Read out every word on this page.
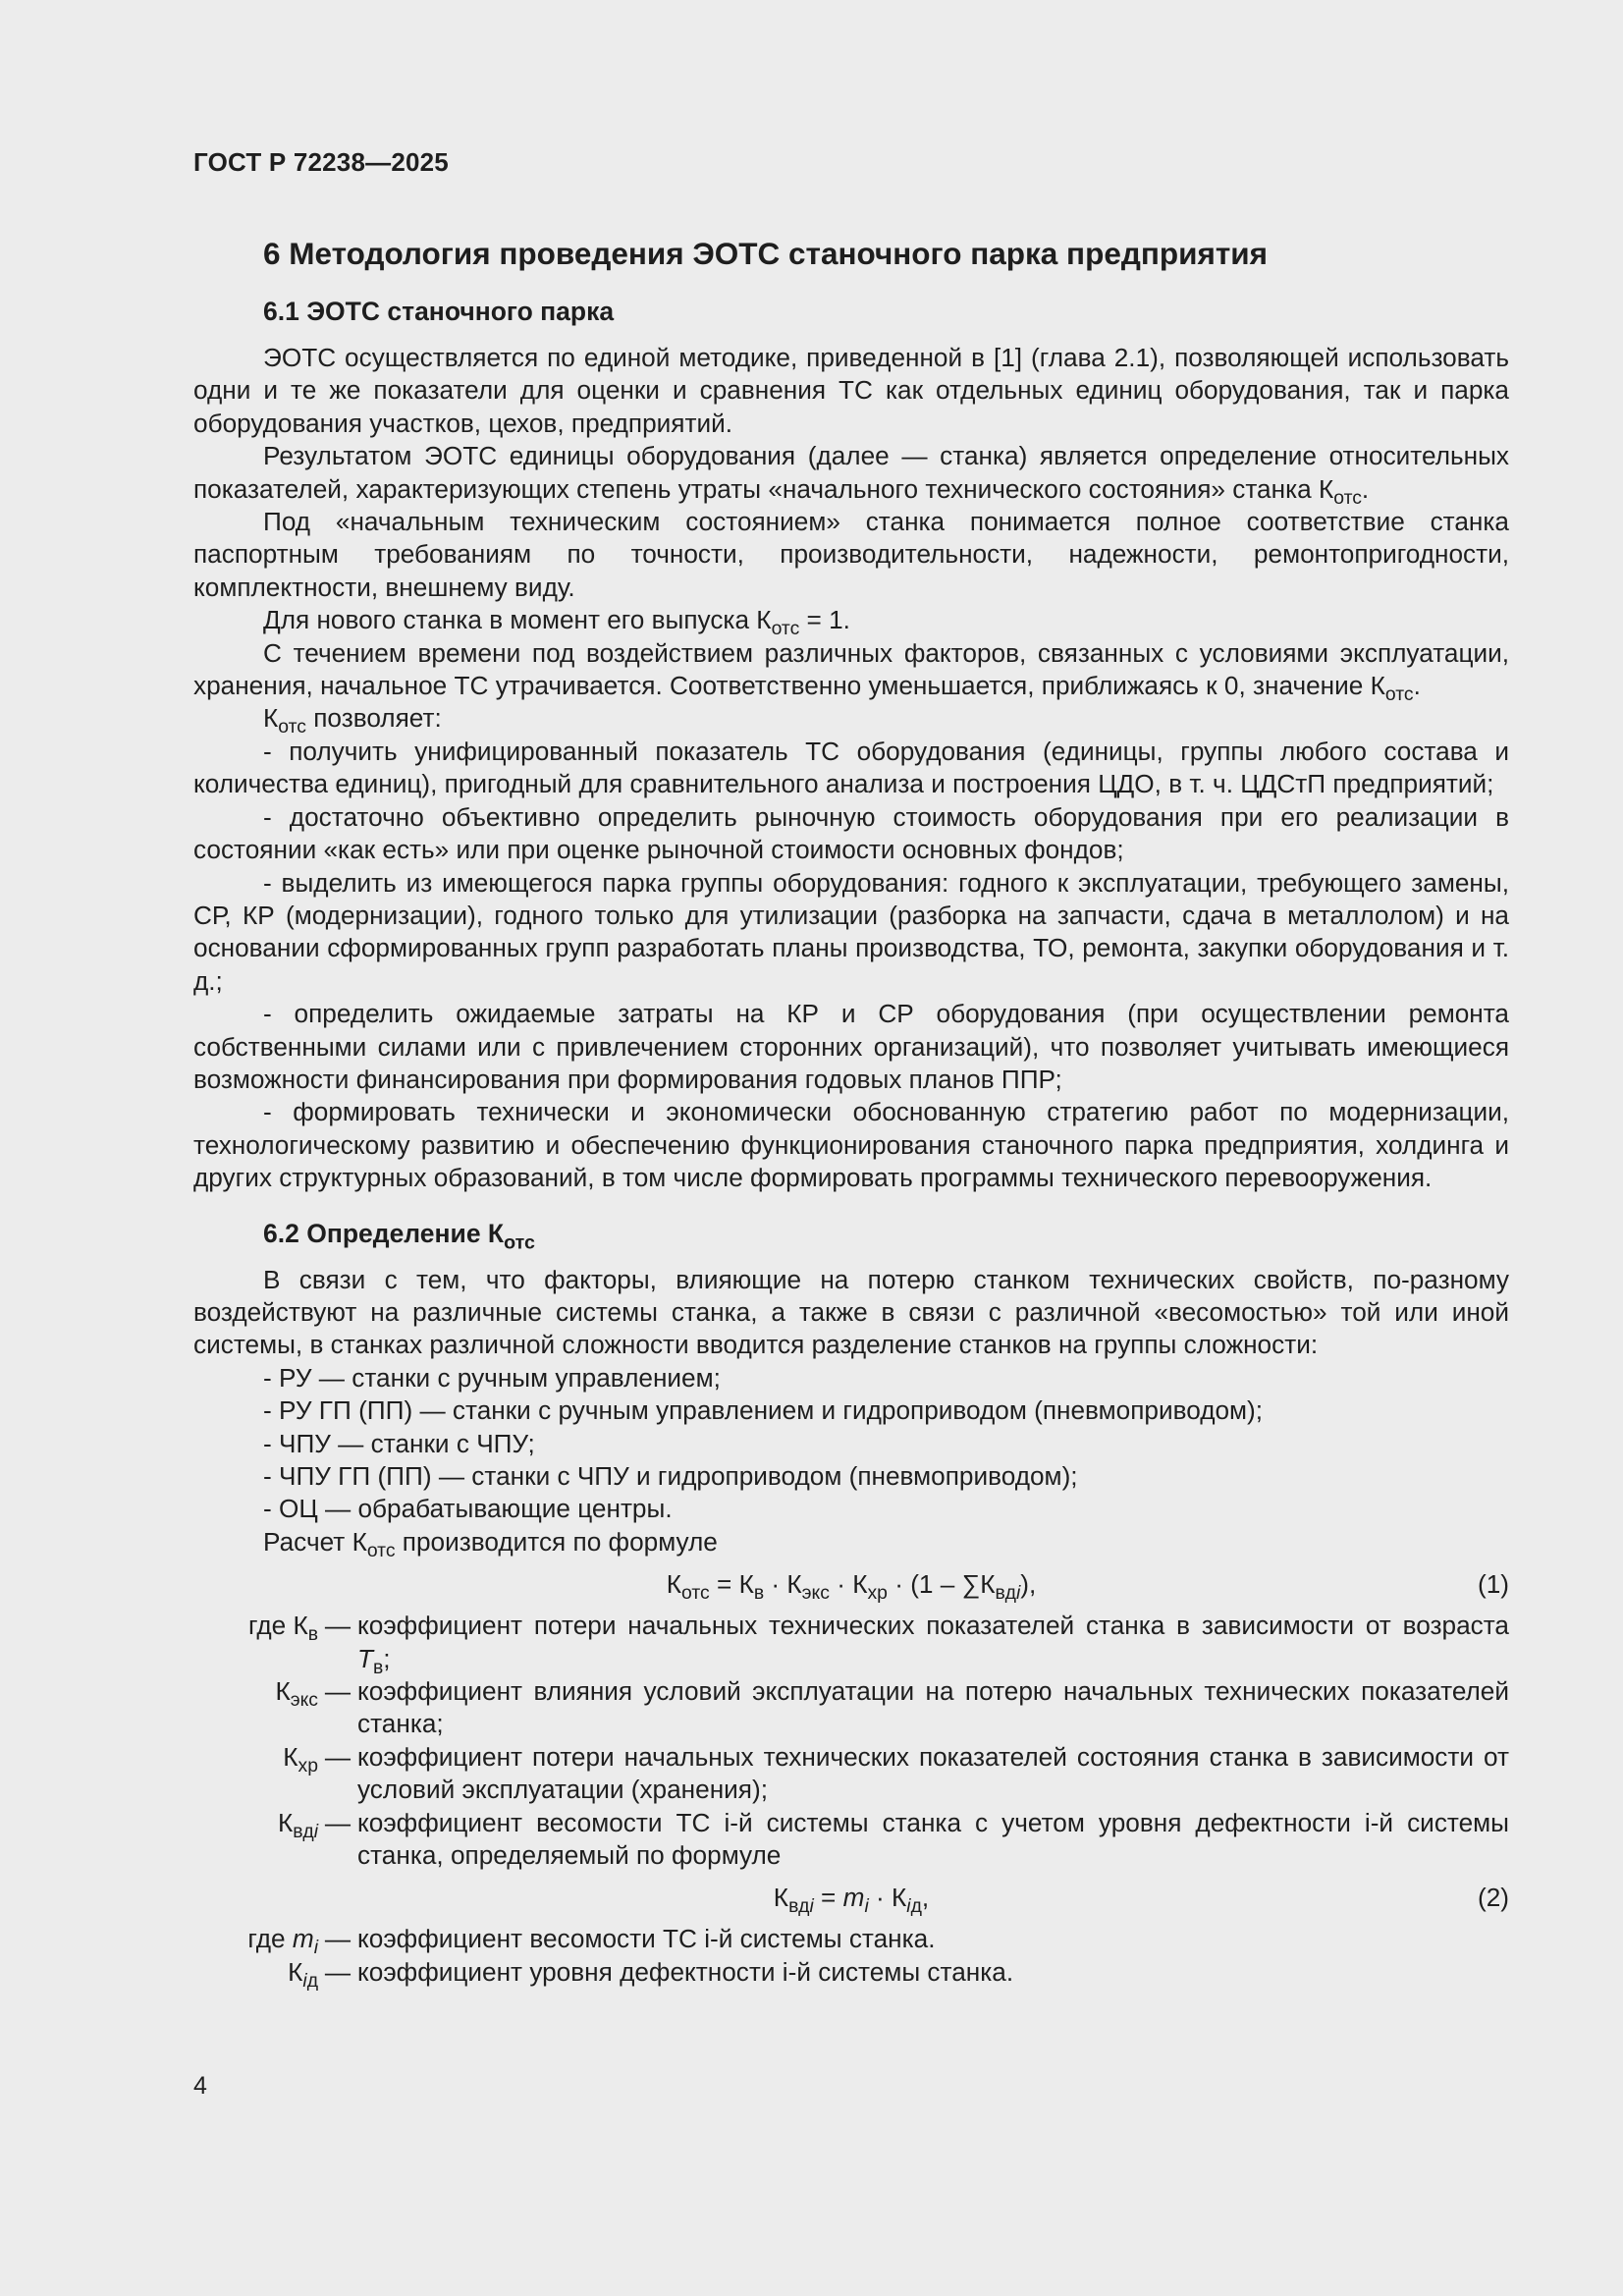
ГОСТ Р 72238—2025
6 Методология проведения ЭОТС станочного парка предприятия
6.1 ЭОТС станочного парка

ЭОТС осуществляется по единой методике, приведенной в [1] (глава 2.1), позволяющей использовать одни и те же показатели для оценки и сравнения ТС как отдельных единиц оборудования, так и парка оборудования участков, цехов, предприятий.

Результатом ЭОТС единицы оборудования (далее — станка) является определение относительных показателей, характеризующих степень утраты «начального технического состояния» станка $К_{отс}$.

Под «начальным техническим состоянием» станка понимается полное соответствие станка паспортным требованиям по точности, производительности, надежности, ремонтопригодности, комплектности, внешнему виду.

Для нового станка в момент его выпуска $К_{отс} = 1$.

С течением времени под воздействием различных факторов, связанных с условиями эксплуатации, хранения, начальное ТС утрачивается. Соответственно уменьшается, приближаясь к 0, значение $К_{отс}$.

$К_{отс}$ позволяет:

- получить унифицированный показатель ТС оборудования (единицы, группы любого состава и количества единиц), пригодный для сравнительного анализа и построения ЦДО, в т. ч. ЦДСтП предприятий;

- достаточно объективно определить рыночную стоимость оборудования при его реализации в состоянии «как есть» или при оценке рыночной стоимости основных фондов;

- выделить из имеющегося парка группы оборудования: годного к эксплуатации, требующего замены, СР, КР (модернизации), годного только для утилизации (разборка на запчасти, сдача в металлолом) и на основании сформированных групп разработать планы производства, ТО, ремонта, закупки оборудования и т. д.;

- определить ожидаемые затраты на КР и СР оборудования (при осуществлении ремонта собственными силами или с привлечением сторонних организаций), что позволяет учитывать имеющиеся возможности финансирования при формирования годовых планов ППР;

- формировать технически и экономически обоснованную стратегию работ по модернизации, технологическому развитию и обеспечению функционирования станочного парка предприятия, холдинга и других структурных образований, в том числе формировать программы технического перевооружения.

6.2 Определение $К_{отс}$

В связи с тем, что факторы, влияющие на потерю станком технических свойств, по-разному воздействуют на различные системы станка, а также в связи с различной «весомостью» той или иной системы, в станках различной сложности вводится разделение станков на группы сложности:

- РУ — станки с ручным управлением;

- РУ ГП (ПП) — станки с ручным управлением и гидроприводом (пневмоприводом);

- ЧПУ — станки с ЧПУ;

- ЧПУ ГП (ПП) — станки с ЧПУ и гидроприводом (пневмоприводом);

- ОЦ — обрабатывающие центры.

Расчет $К_{отс}$ производится по формуле

$К_{отс} = К_в \cdot К_{экс} \cdot К_{хр} \cdot (1 - \sum К_{вдi})$,	(1)
где $К_в$ — коэффициент потери начальных технических показателей станка в зависимости от возраста $T_в$;
$К_{экс}$ — коэффициент влияния условий эксплуатации на потерю начальных технических показателей станка;
$К_{хр}$ — коэффициент потери начальных технических показателей состояния станка в зависимости от условий эксплуатации (хранения);
$К_{вдi}$ — коэффициент весомости ТС i-й системы станка с учетом уровня дефектности i-й системы станка, определяемый по формуле
$К_{вдi} = m_i \cdot К_{iд}$,	(2)
где $m_i$ — коэффициент весомости ТС i-й системы станка.
$К_{iд}$ — коэффициент уровня дефектности i-й системы станка.
4
